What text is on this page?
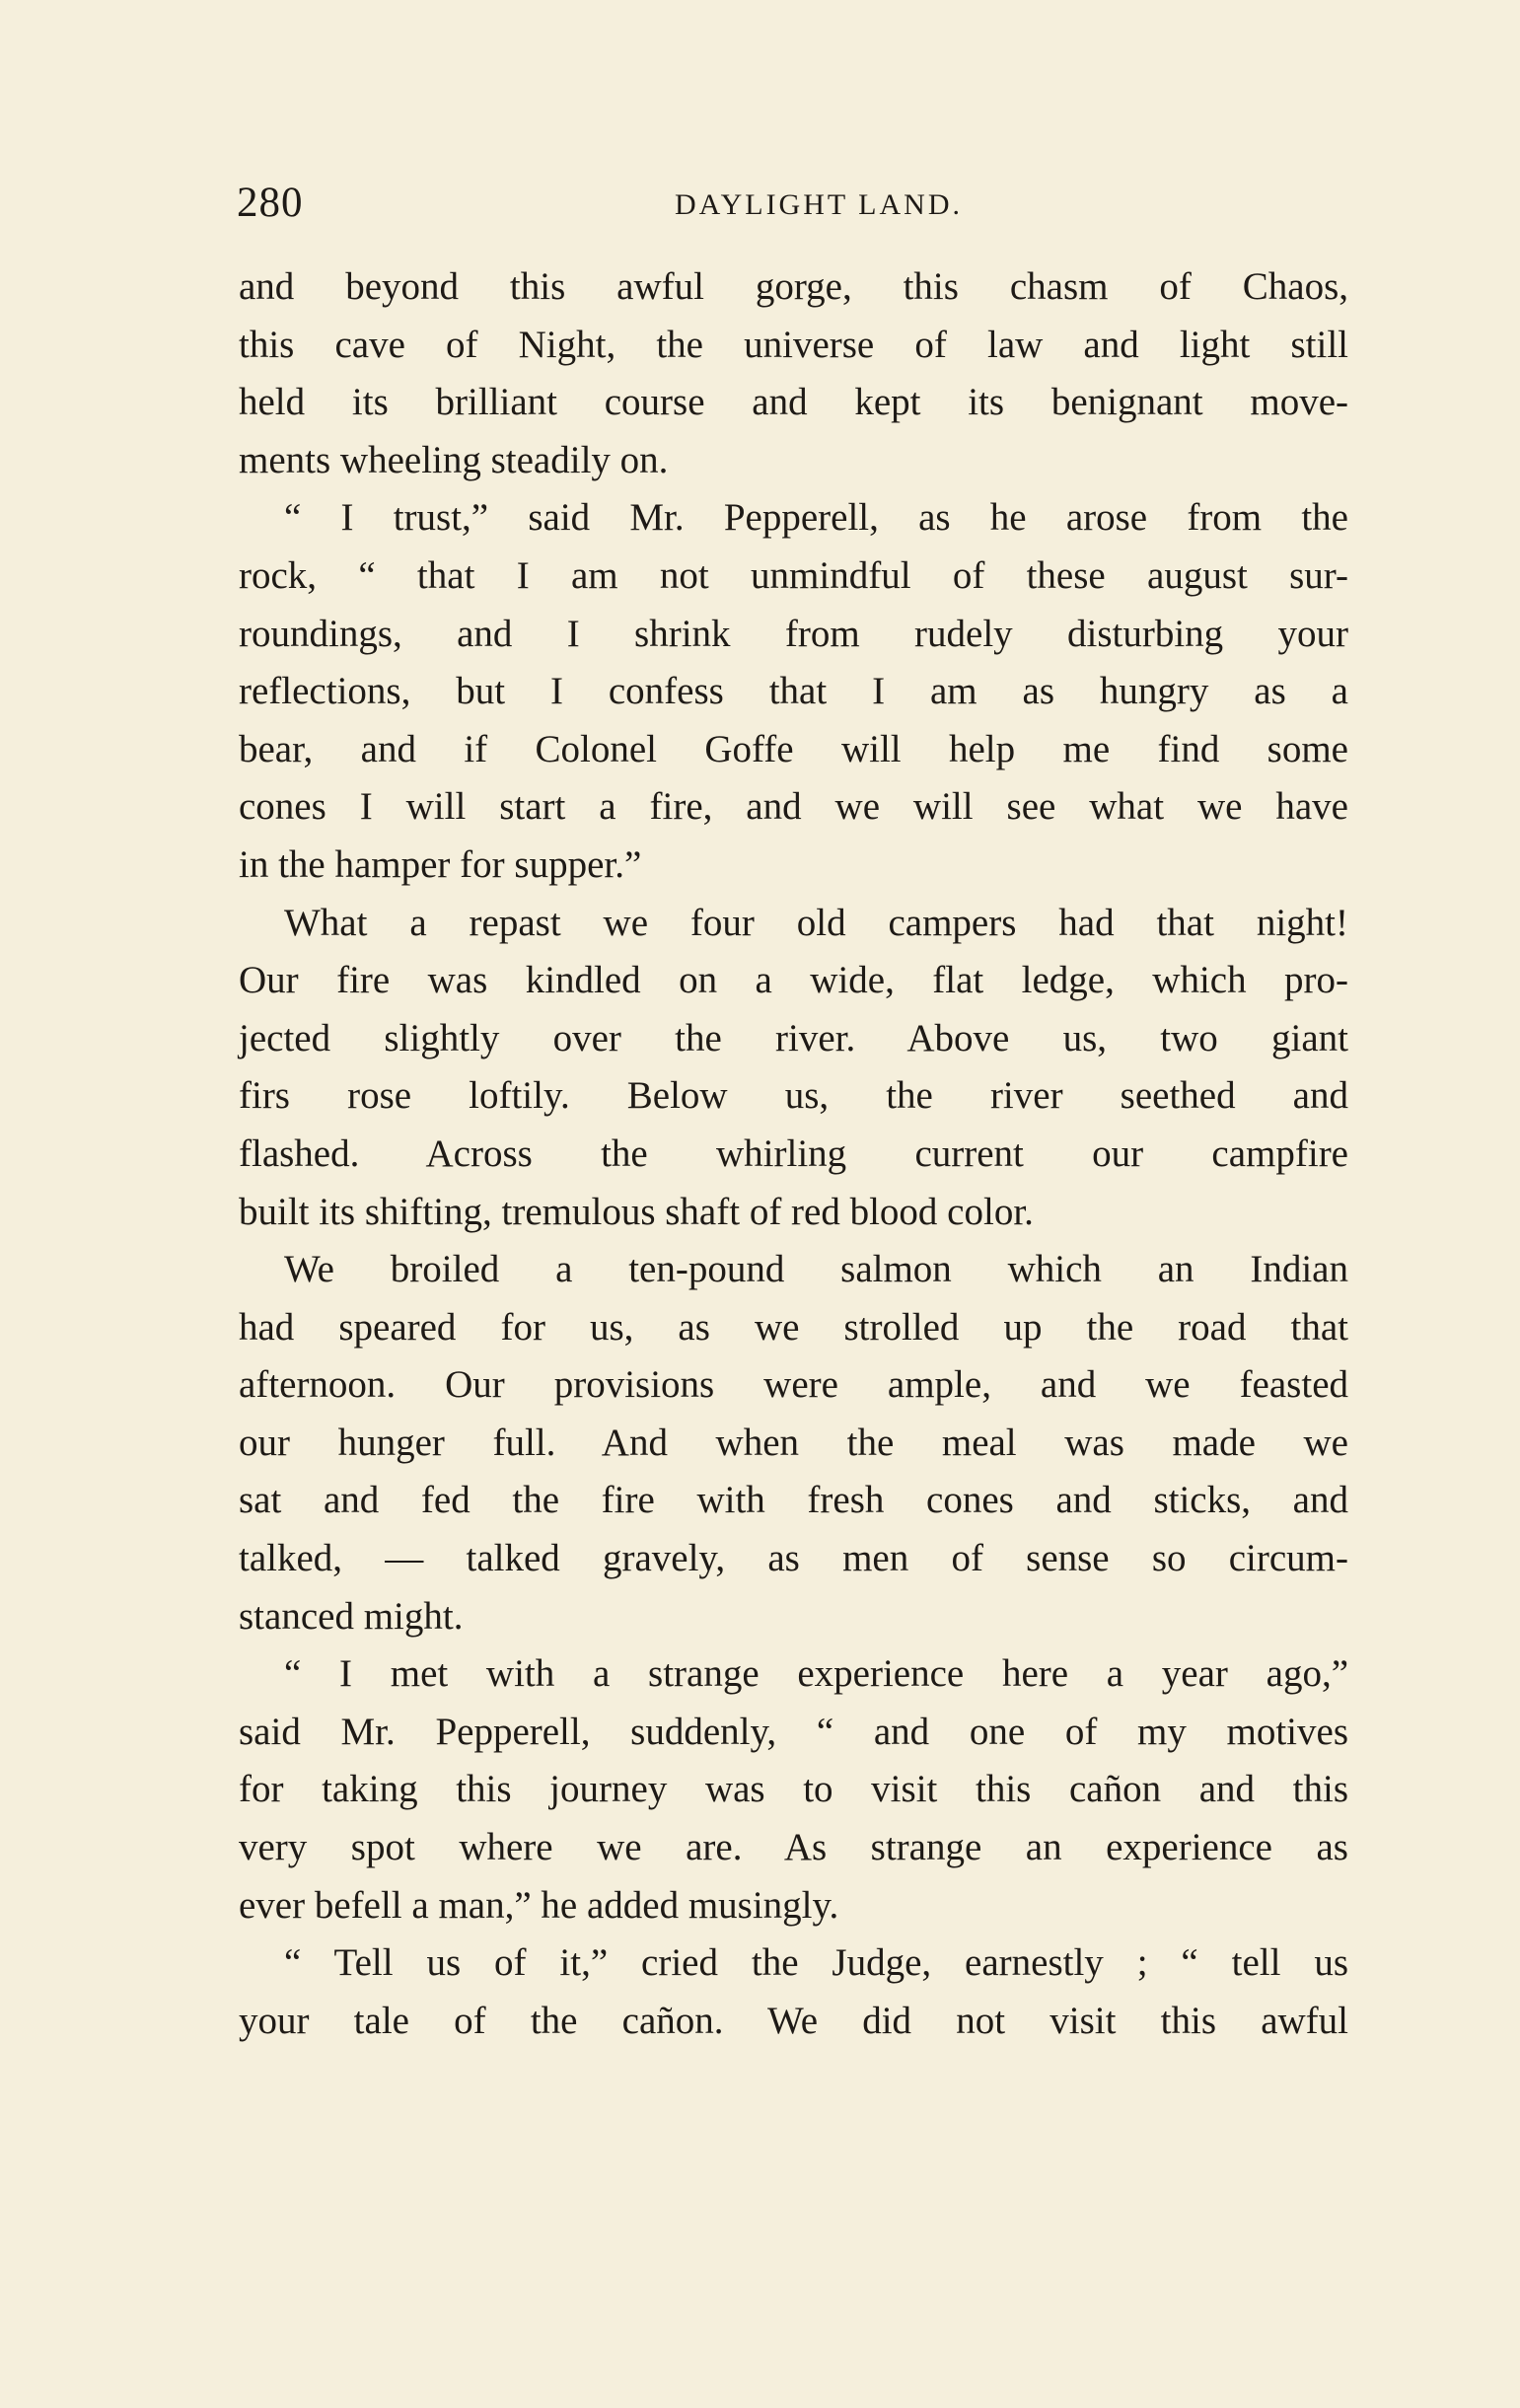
280	DAYLIGHT LAND.
and beyond this awful gorge, this chasm of Chaos,
this cave of Night, the universe of law and light still
held its brilliant course and kept its benignant move-
ments wheeling steadily on.
“ I trust,” said Mr. Pepperell, as he arose from the
rock, “ that I am not unmindful of these august sur-
roundings, and I shrink from rudely disturbing your
reflections, but I confess that I am as hungry as a
bear, and if Colonel Goffe will help me find some
cones I will start a fire, and we will see what we have
in the hamper for supper.”
What a repast we four old campers had that night!
Our fire was kindled on a wide, flat ledge, which pro-
jected slightly over the river. Above us, two giant
firs rose loftily. Below us, the river seethed and
flashed. Across the whirling current our campfire
built its shifting, tremulous shaft of red blood color.
We broiled a ten-pound salmon which an Indian
had speared for us, as we strolled up the road that
afternoon. Our provisions were ample, and we feasted
our hunger full. And when the meal was made we
sat and fed the fire with fresh cones and sticks, and
talked, — talked gravely, as men of sense so circum-
stanced might.
“ I met with a strange experience here a year ago,”
said Mr. Pepperell, suddenly, “ and one of my motives
for taking this journey was to visit this cañon and this
very spot where we are. As strange an experience as
ever befell a man,” he added musingly.
“ Tell us of it,” cried the Judge, earnestly ; “ tell us
your tale of the cañon. We did not visit this awful
